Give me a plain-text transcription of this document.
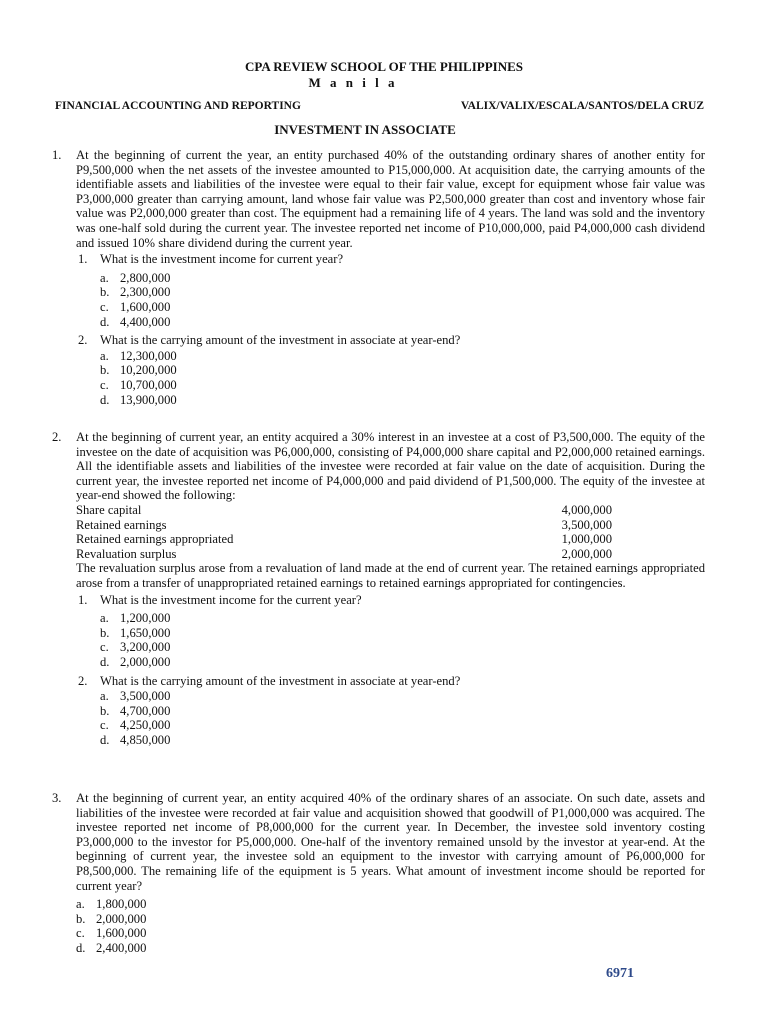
CPA REVIEW SCHOOL OF THE PHILIPPINES
M a n i l a
FINANCIAL ACCOUNTING AND REPORTING	VALIX/VALIX/ESCALA/SANTOS/DELA CRUZ
INVESTMENT IN ASSOCIATE
1. At the beginning of current the year, an entity purchased 40% of the outstanding ordinary shares of another entity for P9,500,000 when the net assets of the investee amounted to P15,000,000. At acquisition date, the carrying amounts of the identifiable assets and liabilities of the investee were equal to their fair value, except for equipment whose fair value was P3,000,000 greater than carrying amount, land whose fair value was P2,500,000 greater than cost and inventory whose fair value was P2,000,000 greater than cost. The equipment had a remaining life of 4 years. The land was sold and the inventory was one-half sold during the current year. The investee reported net income of P10,000,000, paid P4,000,000 cash dividend and issued 10% share dividend during the current year.
1. What is the investment income for current year?
a. 2,800,000
b. 2,300,000
c. 1,600,000
d. 4,400,000
2. What is the carrying amount of the investment in associate at year-end?
a. 12,300,000
b. 10,200,000
c. 10,700,000
d. 13,900,000
2. At the beginning of current year, an entity acquired a 30% interest in an investee at a cost of P3,500,000. The equity of the investee on the date of acquisition was P6,000,000, consisting of P4,000,000 share capital and P2,000,000 retained earnings. All the identifiable assets and liabilities of the investee were recorded at fair value on the date of acquisition. During the current year, the investee reported net income of P4,000,000 and paid dividend of P1,500,000. The equity of the investee at year-end showed the following:
Share capital	4,000,000
Retained earnings	3,500,000
Retained earnings appropriated	1,000,000
Revaluation surplus	2,000,000
The revaluation surplus arose from a revaluation of land made at the end of current year. The retained earnings appropriated arose from a transfer of unappropriated retained earnings to retained earnings appropriated for contingencies.
1. What is the investment income for the current year?
a. 1,200,000
b. 1,650,000
c. 3,200,000
d. 2,000,000
2. What is the carrying amount of the investment in associate at year-end?
a. 3,500,000
b. 4,700,000
c. 4,250,000
d. 4,850,000
3. At the beginning of current year, an entity acquired 40% of the ordinary shares of an associate. On such date, assets and liabilities of the investee were recorded at fair value and acquisition showed that goodwill of P1,000,000 was acquired. The investee reported net income of P8,000,000 for the current year. In December, the investee sold inventory costing P3,000,000 to the investor for P5,000,000. One-half of the inventory remained unsold by the investor at year-end. At the beginning of current year, the investee sold an equipment to the investor with carrying amount of P6,000,000 for P8,500,000. The remaining life of the equipment is 5 years. What amount of investment income should be reported for current year?
a. 1,800,000
b. 2,000,000
c. 1,600,000
d. 2,400,000
6971
